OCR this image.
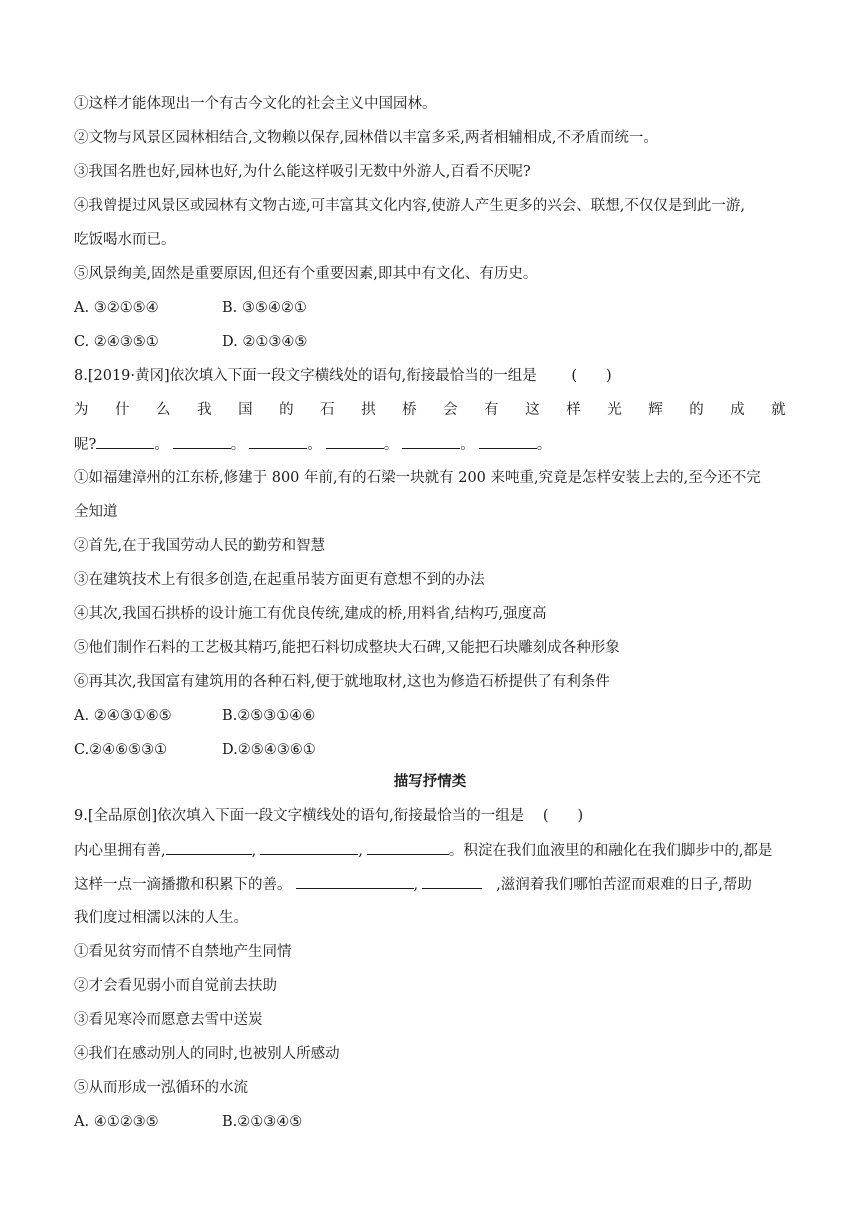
①这样才能体现出一个有古今文化的社会主义中国园林。
②文物与风景区园林相结合,文物赖以保存,园林借以丰富多采,两者相辅相成,不矛盾而统一。
③我国名胜也好,园林也好,为什么能这样吸引无数中外游人,百看不厌呢?
④我曾提过风景区或园林有文物古迹,可丰富其文化内容,使游人产生更多的兴会、联想,不仅仅是到此一游,
吃饭喝水而已。
⑤风景绚美,固然是重要原因,但还有个重要因素,即其中有文化、有历史。
A. ③②①⑤④	B. ③⑤④②①
C. ②④③⑤①	D. ②①③④⑤
8.[2019·黄冈]依次填入下面一段文字横线处的语句,衔接最恰当的一组是 (　　)
为 什 么 我 国 的 石 拱 桥 会 有 这 样 光 辉 的 成 就
呢?	。	。	。	。	。	。
①如福建漳州的江东桥,修建于 800 年前,有的石梁一块就有 200 来吨重,究竟是怎样安装上去的,至今还不完
全知道
②首先,在于我国劳动人民的勤劳和智慧
③在建筑技术上有很多创造,在起重吊装方面更有意想不到的办法
④其次,我国石拱桥的设计施工有优良传统,建成的桥,用料省,结构巧,强度高
⑤他们制作石料的工艺极其精巧,能把石料切成整块大石碑,又能把石块雕刻成各种形象
⑥再其次,我国富有建筑用的各种石料,便于就地取材,这也为修造石桥提供了有利条件
A. ②④③①⑥⑤	B.②⑤③①④⑥
C.②④⑥⑤③①	D.②⑤④③⑥①
描写抒情类
9.[全品原创]依次填入下面一段文字横线处的语句,衔接最恰当的一组是 (　　)
内心里拥有善,	,	,	。积淀在我们血液里的和融化在我们脚步中的,都是
这样一点一滴播撒和积累下的善。	,	,滋润着我们哪怕苦涩而艰难的日子,帮助
我们度过相濡以沫的人生。
①看见贫穷而情不自禁地产生同情
②才会看见弱小而自觉前去扶助
③看见寒冷而愿意去雪中送炭
④我们在感动别人的同时,也被别人所感动
⑤从而形成一泓循环的水流
A. ④①②③⑤	B.②①③④⑤
